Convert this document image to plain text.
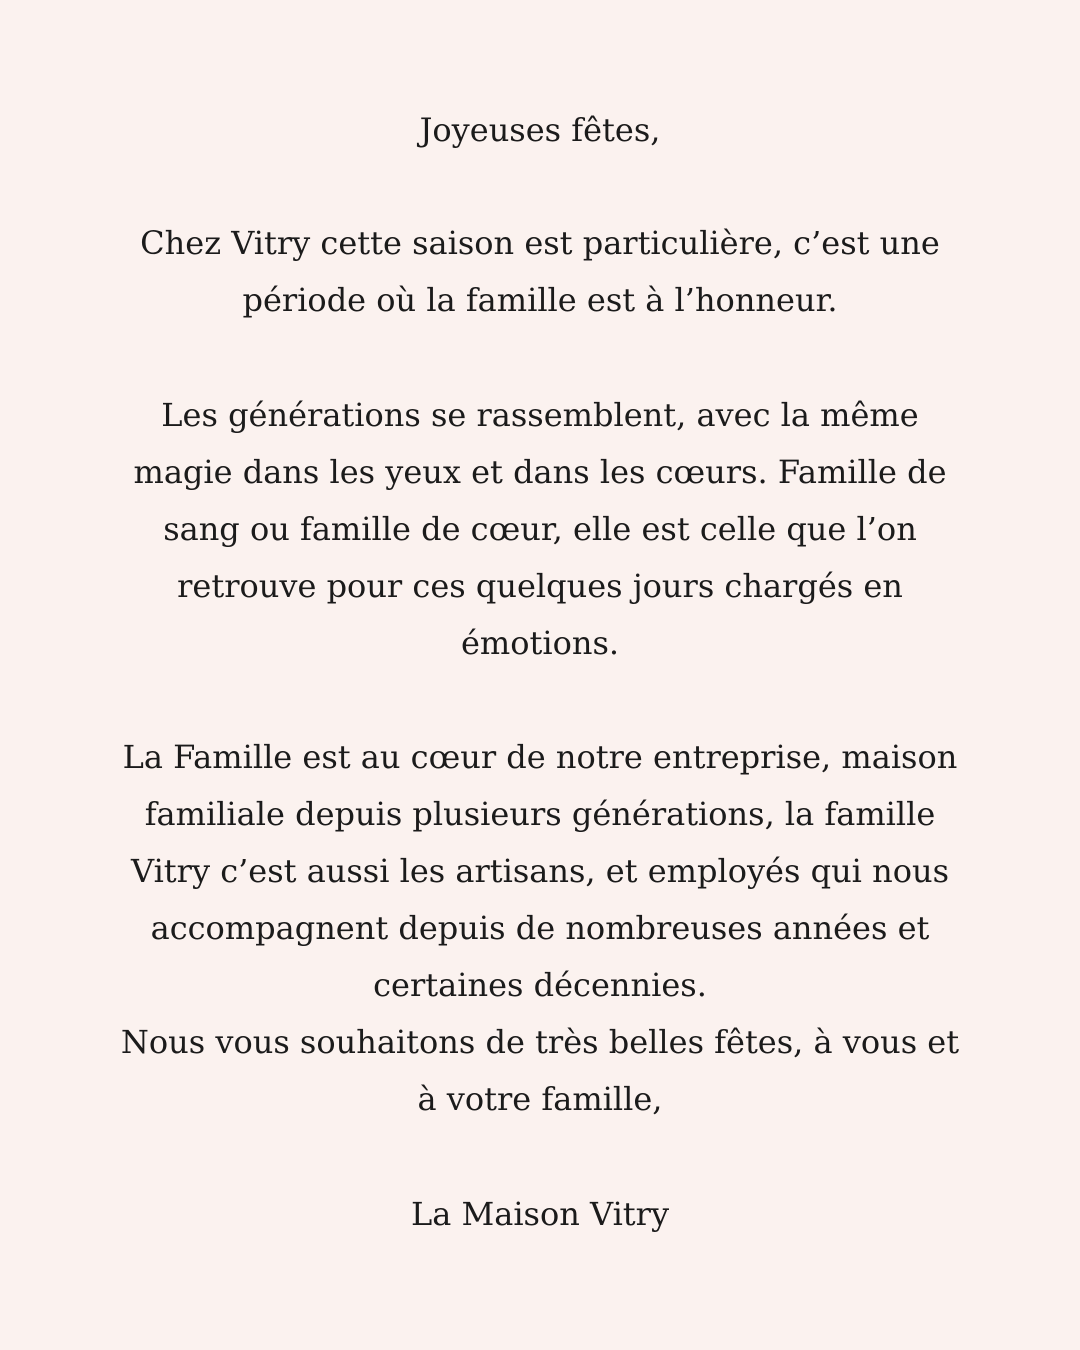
Joyeuses fêtes,
Chez Vitry cette saison est particulière, c’est une
période où la famille est à l’honneur.
Les générations se rassemblent, avec la même
magie dans les yeux et dans les cœurs. Famille de
sang ou famille de cœur, elle est celle que l’on
retrouve pour ces quelques jours chargés en
émotions.
La Famille est au cœur de notre entreprise, maison
familiale depuis plusieurs générations, la famille
Vitry c’est aussi les artisans, et employés qui nous
accompagnent depuis de nombreuses années et
certaines décennies.
Nous vous souhaitons de très belles fêtes, à vous et
à votre famille,
La Maison Vitry
